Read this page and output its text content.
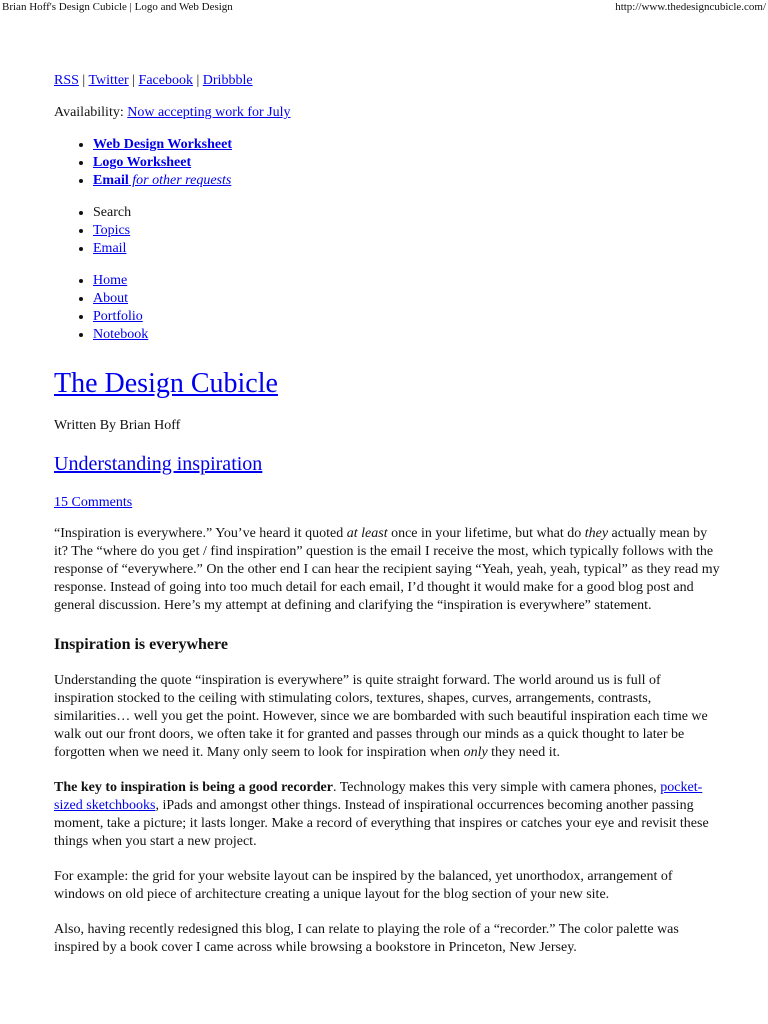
Brian Hoff's Design Cubicle | Logo and Web Design	http://www.thedesigncubicle.com/
RSS | Twitter | Facebook | Dribbble
Availability: Now accepting work for July
• Web Design Worksheet
• Logo Worksheet
• Email for other requests
• Search
• Topics
• Email
• Home
• About
• Portfolio
• Notebook
The Design Cubicle
Written By Brian Hoff
Understanding inspiration
15 Comments

“Inspiration is everywhere.” You’ve heard it quoted at least once in your lifetime, but what do they actually mean by it? The “where do you get / find inspiration” question is the email I receive the most, which typically follows with the response of “everywhere.” On the other end I can hear the recipient saying “Yeah, yeah, yeah, typical” as they read my response. Instead of going into too much detail for each email, I’d thought it would make for a good blog post and general discussion. Here’s my attempt at defining and clarifying the “inspiration is everywhere” statement.

Inspiration is everywhere

Understanding the quote “inspiration is everywhere” is quite straight forward. The world around us is full of inspiration stocked to the ceiling with stimulating colors, textures, shapes, curves, arrangements, contrasts, similarities… well you get the point. However, since we are bombarded with such beautiful inspiration each time we walk out our front doors, we often take it for granted and passes through our minds as a quick thought to later be forgotten when we need it. Many only seem to look for inspiration when only they need it.

The key to inspiration is being a good recorder. Technology makes this very simple with camera phones, pocket-sized sketchbooks, iPads and amongst other things. Instead of inspirational occurrences becoming another passing moment, take a picture; it lasts longer. Make a record of everything that inspires or catches your eye and revisit these things when you start a new project.

For example: the grid for your website layout can be inspired by the balanced, yet unorthodox, arrangement of windows on old piece of architecture creating a unique layout for the blog section of your new site.

Also, having recently redesigned this blog, I can relate to playing the role of a “recorder.” The color palette was inspired by a book cover I came across while browsing a bookstore in Princeton, New Jersey.
